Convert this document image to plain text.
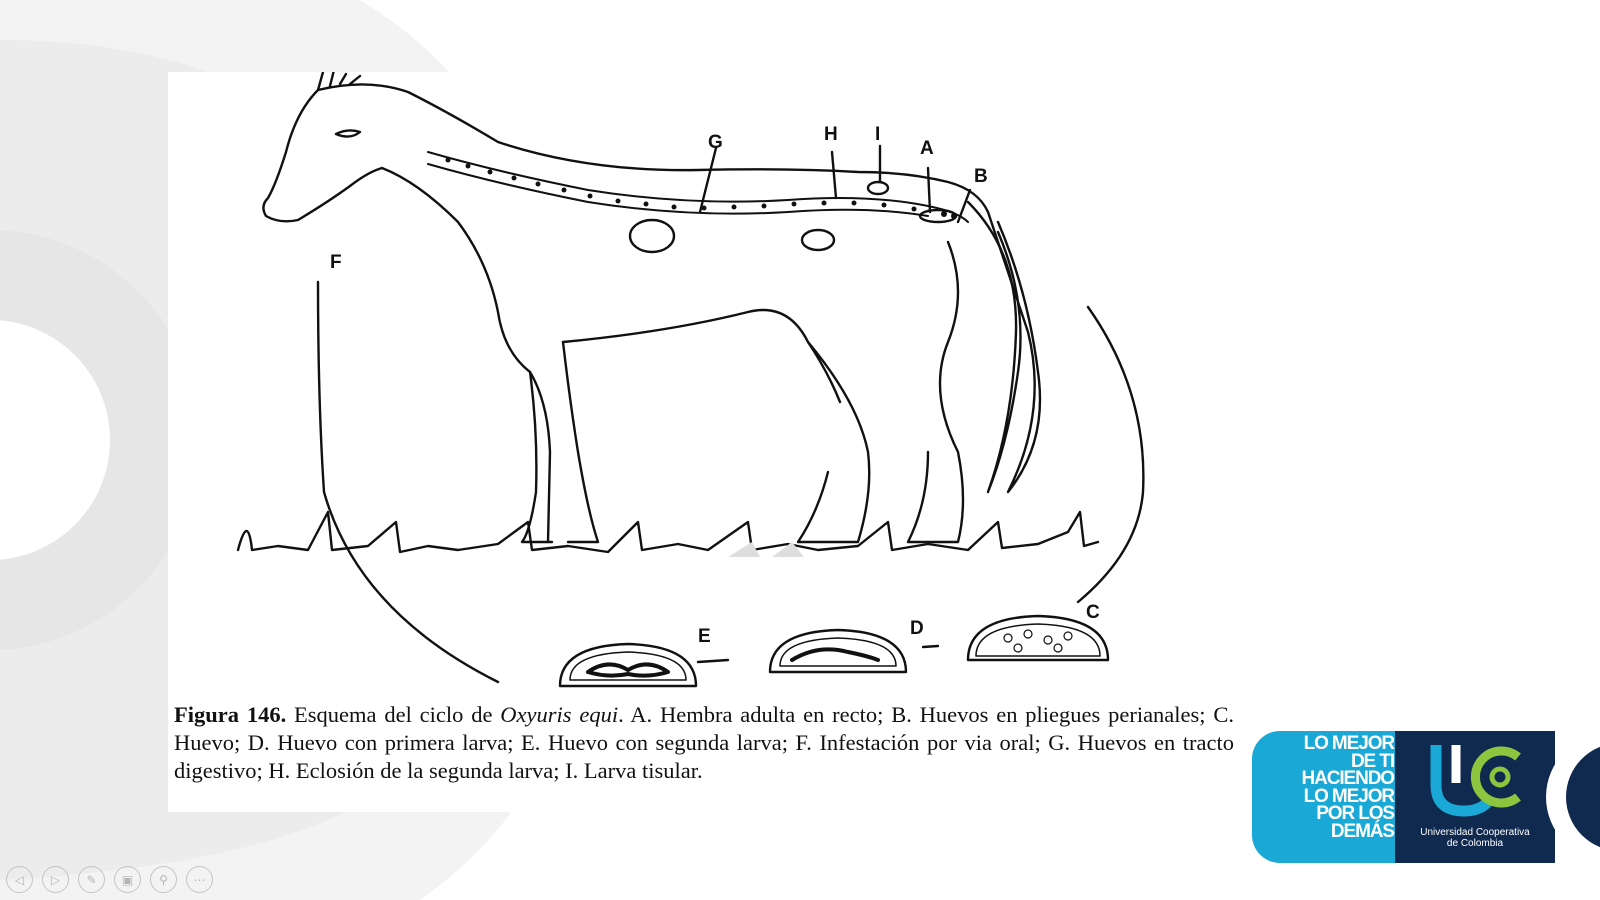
G	H I
A
B
F
C
D
E
Figura 146. Esquema del ciclo de Oxyuris equi. A. Hembra adulta en recto; B. Huevos en pliegues perianales; C. Huevo; D. Huevo con primera larva; E. Huevo con segunda larva; F. Infestación por via oral; G. Huevos en tracto digestivo; H. Eclosión de la segunda larva; I. Larva tisular.
◁	▷	✎	▣	⚲	⋯
LO MEJOR
DE TI
HACIENDO
LO MEJOR
POR LOS
DEMÁS	Universidad Cooperativa
de Colombia
